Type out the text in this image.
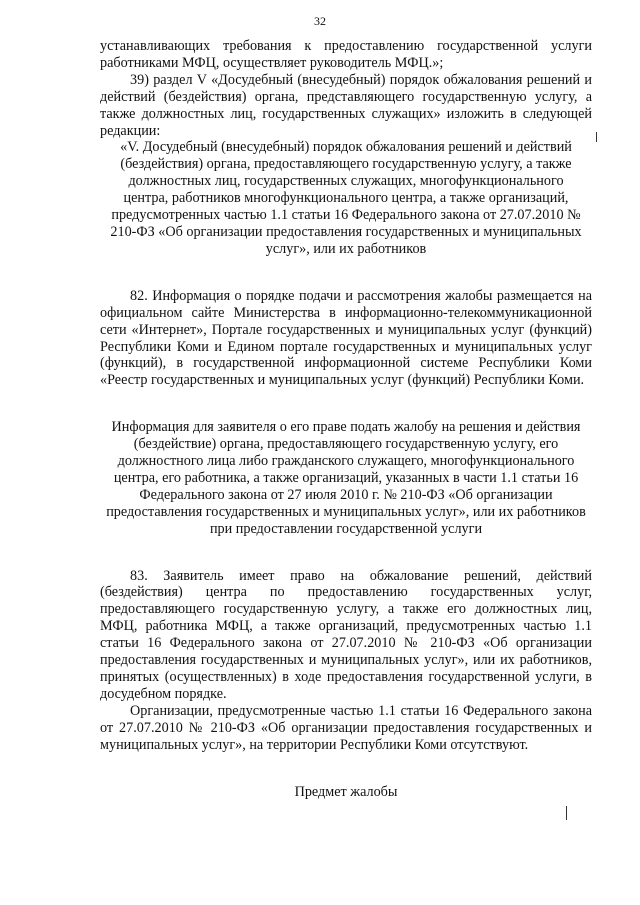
32

устанавливающих требования к предоставлению государственной услуги работниками МФЦ, осуществляет руководитель МФЦ.»;

39) раздел V «Досудебный (внесудебный) порядок обжалования решений и действий (бездействия) органа, представляющего государственную услугу, а также должностных лиц, государственных служащих» изложить в следующей редакции:

«V. Досудебный (внесудебный) порядок обжалования решений и действий (бездействия) органа, предоставляющего государственную услугу, а также должностных лиц, государственных служащих, многофункционального центра, работников многофункционального центра, а также организаций, предусмотренных частью 1.1 статьи 16 Федерального закона от 27.07.2010 № 210-ФЗ «Об организации предоставления государственных и муниципальных услуг», или их работников

82. Информация о порядке подачи и рассмотрения жалобы размещается на официальном сайте Министерства в информационно-телекоммуникационной сети «Интернет», Портале государственных и муниципальных услуг (функций) Республики Коми и Едином портале государственных и муниципальных услуг (функций), в государственной информационной системе Республики Коми «Реестр государственных и муниципальных услуг (функций) Республики Коми.

Информация для заявителя о его праве подать жалобу на решения и действия (бездействие) органа, предоставляющего государственную услугу, его должностного лица либо гражданского служащего, многофункционального центра, его работника, а также организаций, указанных в части 1.1 статьи 16 Федерального закона от 27 июля 2010 г. № 210-ФЗ «Об организации предоставления государственных и муниципальных услуг», или их работников при предоставлении государственной услуги

83. Заявитель имеет право на обжалование решений, действий (бездействия) центра по предоставлению государственных услуг, предоставляющего государственную услугу, а также его должностных лиц, МФЦ, работника МФЦ, а также организаций, предусмотренных частью 1.1 статьи 16 Федерального закона от 27.07.2010 № 210-ФЗ «Об организации предоставления государственных и муниципальных услуг», или их работников, принятых (осуществленных) в ходе предоставления государственной услуги, в досудебном порядке.

Организации, предусмотренные частью 1.1 статьи 16 Федерального закона от 27.07.2010 № 210-ФЗ «Об организации предоставления государственных и муниципальных услуг», на территории Республики Коми отсутствуют.

Предмет жалобы
